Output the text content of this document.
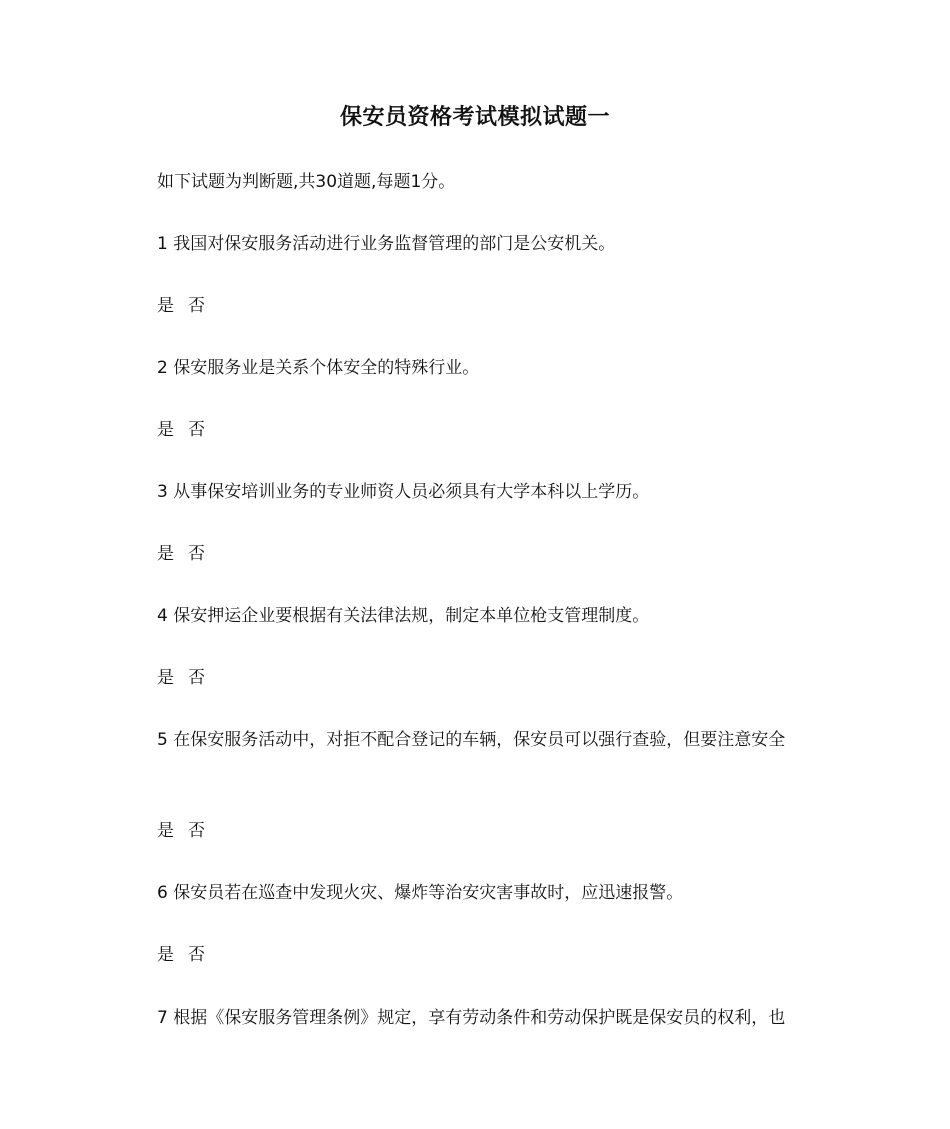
保安员资格考试模拟试题一
如下试题为判断题,共30道题,每题1分。
1 我国对保安服务活动进行业务监督管理的部门是公安机关。
是 否
2 保安服务业是关系个体安全的特殊行业。
是 否
3 从事保安培训业务的专业师资人员必须具有大学本科以上学历。
是 否
4 保安押运企业要根据有关法律法规，制定本单位枪支管理制度。
是 否
5 在保安服务活动中，对拒不配合登记的车辆，保安员可以强行查验，但要注意安全
是 否
6 保安员若在巡查中发现火灾、爆炸等治安灾害事故时，应迅速报警。
是 否
7 根据《保安服务管理条例》规定，享有劳动条件和劳动保护既是保安员的权利，也
